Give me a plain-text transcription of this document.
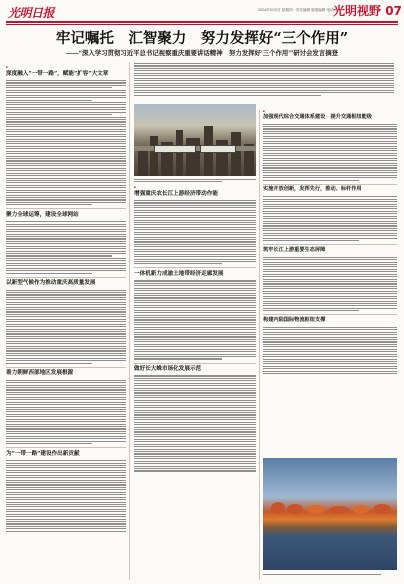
光明日报	2024年5月2日 星期四 · 责任编辑 版面编辑 电话 光明视野 07
牢记嘱托　汇智聚力　努力发挥好“三个作用”
——“深入学习贯彻习近平总书记视察重庆重要讲话精神　努力发挥好‘三个作用’”研讨会发言摘登
■
深度融入“一带一路”，赋能“扩容”大文章
聚力全球运筹，建设全球网站
以新型气候作为推动重庆高质量发展
着力朝鲜西部地区发展根源
为“一带一路”建设作出新贡献
■
增强重庆农长江上游经济带动作能
一体机新力成渝土地带经济走廊发展
做好长大蛛市场化发展示范
■
加强现代综合交通体系建设　提升交通枢纽能级
实施开放创新，发挥先行，推动、标杆作用
筑牢长江上游重要生态屏障
构建内陆国际物流枢纽支撑
